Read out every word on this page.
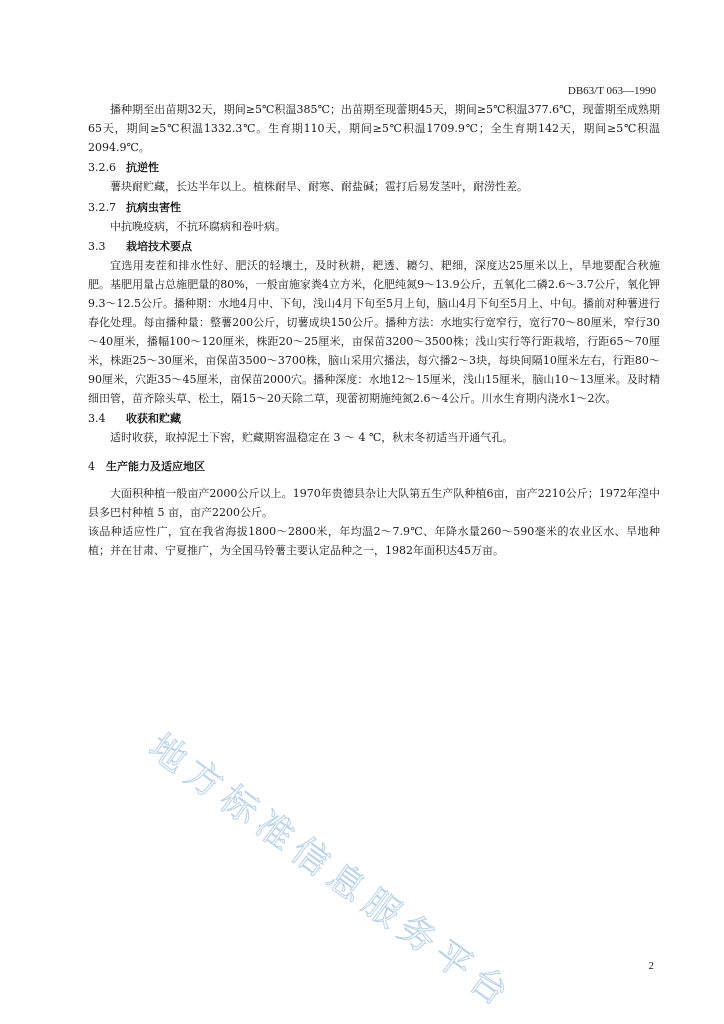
DB63/T 063—1990

播种期至出苗期32天，期间≥5℃积温385℃；出苗期至现蕾期45天，期间≥5℃积温377.6℃，现蕾期至成熟期65天，期间≥5℃积温1332.3℃。生育期110天，期间≥5℃积温1709.9℃；全生育期142天，期间≥5℃积温2094.9℃。

3.2.6 抗逆性

薯块耐贮藏，长达半年以上。植株耐旱、耐寒、耐盐碱；雹打后易发茎叶，耐涝性差。

3.2.7 抗病虫害性

中抗晚疫病，不抗环腐病和卷叶病。

3.3	栽培技术要点

宜选用麦茬和排水性好、肥沃的轻壤土，及时秋耕，耙透、耱匀、耙细，深度达25厘米以上，旱地要配合秋施肥。基肥用量占总施肥量的80%，一般亩施家粪4立方米，化肥纯氮9～13.9公斤，五氧化二磷2.6～3.7公斤，氧化钾9.3～12.5公斤。播种期：水地4月中、下旬，浅山4月下旬至5月上旬，脑山4月下旬至5月上、中旬。播前对种薯进行春化处理。每亩播种量：整薯200公斤，切薯成块150公斤。播种方法：水地实行宽窄行，宽行70～80厘米，窄行30～40厘米，播幅100～120厘米，株距20～25厘米，亩保苗3200～3500株；浅山实行等行距栽培，行距65～70厘米，株距25～30厘米，亩保苗3500～3700株，脑山采用穴播法，每穴播2～3块，每块间隔10厘米左右，行距80～90厘米，穴距35～45厘米，亩保苗2000穴。播种深度：水地12～15厘米，浅山15厘米，脑山10～13厘米。及时精细田管，苗齐除头草、松土，隔15～20天除二草，现蕾初期施纯氮2.6～4公斤。川水生育期内浇水1～2次。

3.4	收获和贮藏

适时收获，取掉泥土下窖，贮藏期窖温稳定在 3 ～ 4 ℃，秋末冬初适当开通气孔。

4	生产能力及适应地区

大面积种植一般亩产2000公斤以上。1970年贵德县杂让大队第五生产队种植6亩，亩产2210公斤；1972年湟中县多巴村种植 5 亩，亩产2200公斤。

该品种适应性广，宜在我省海拔1800～2800米，年均温2～7.9℃、年降水量260～590毫米的农业区水、旱地种植；并在甘肃、宁夏推广，为全国马铃薯主要认定品种之一，1982年面积达45万亩。

地方标准信息服务平台	2
